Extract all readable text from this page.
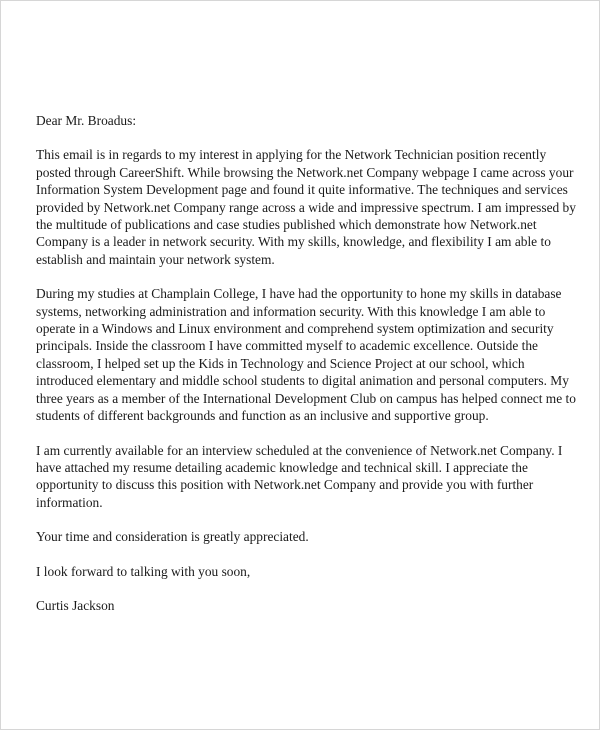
Dear Mr. Broadus:

This email is in regards to my interest in applying for the Network Technician position recently posted through CareerShift. While browsing the Network.net Company webpage I came across your Information System Development page and found it quite informative. The techniques and services provided by Network.net Company range across a wide and impressive spectrum. I am impressed by the multitude of publications and case studies published which demonstrate how Network.net Company is a leader in network security. With my skills, knowledge, and flexibility I am able to establish and maintain your network system.

During my studies at Champlain College, I have had the opportunity to hone my skills in database systems, networking administration and information security. With this knowledge I am able to operate in a Windows and Linux environment and comprehend system optimization and security principals. Inside the classroom I have committed myself to academic excellence. Outside the classroom, I helped set up the Kids in Technology and Science Project at our school, which introduced elementary and middle school students to digital animation and personal computers. My three years as a member of the International Development Club on campus has helped connect me to students of different backgrounds and function as an inclusive and supportive group.

I am currently available for an interview scheduled at the convenience of Network.net Company. I have attached my resume detailing academic knowledge and technical skill. I appreciate the opportunity to discuss this position with Network.net Company and provide you with further information.

Your time and consideration is greatly appreciated.

I look forward to talking with you soon,

Curtis Jackson
